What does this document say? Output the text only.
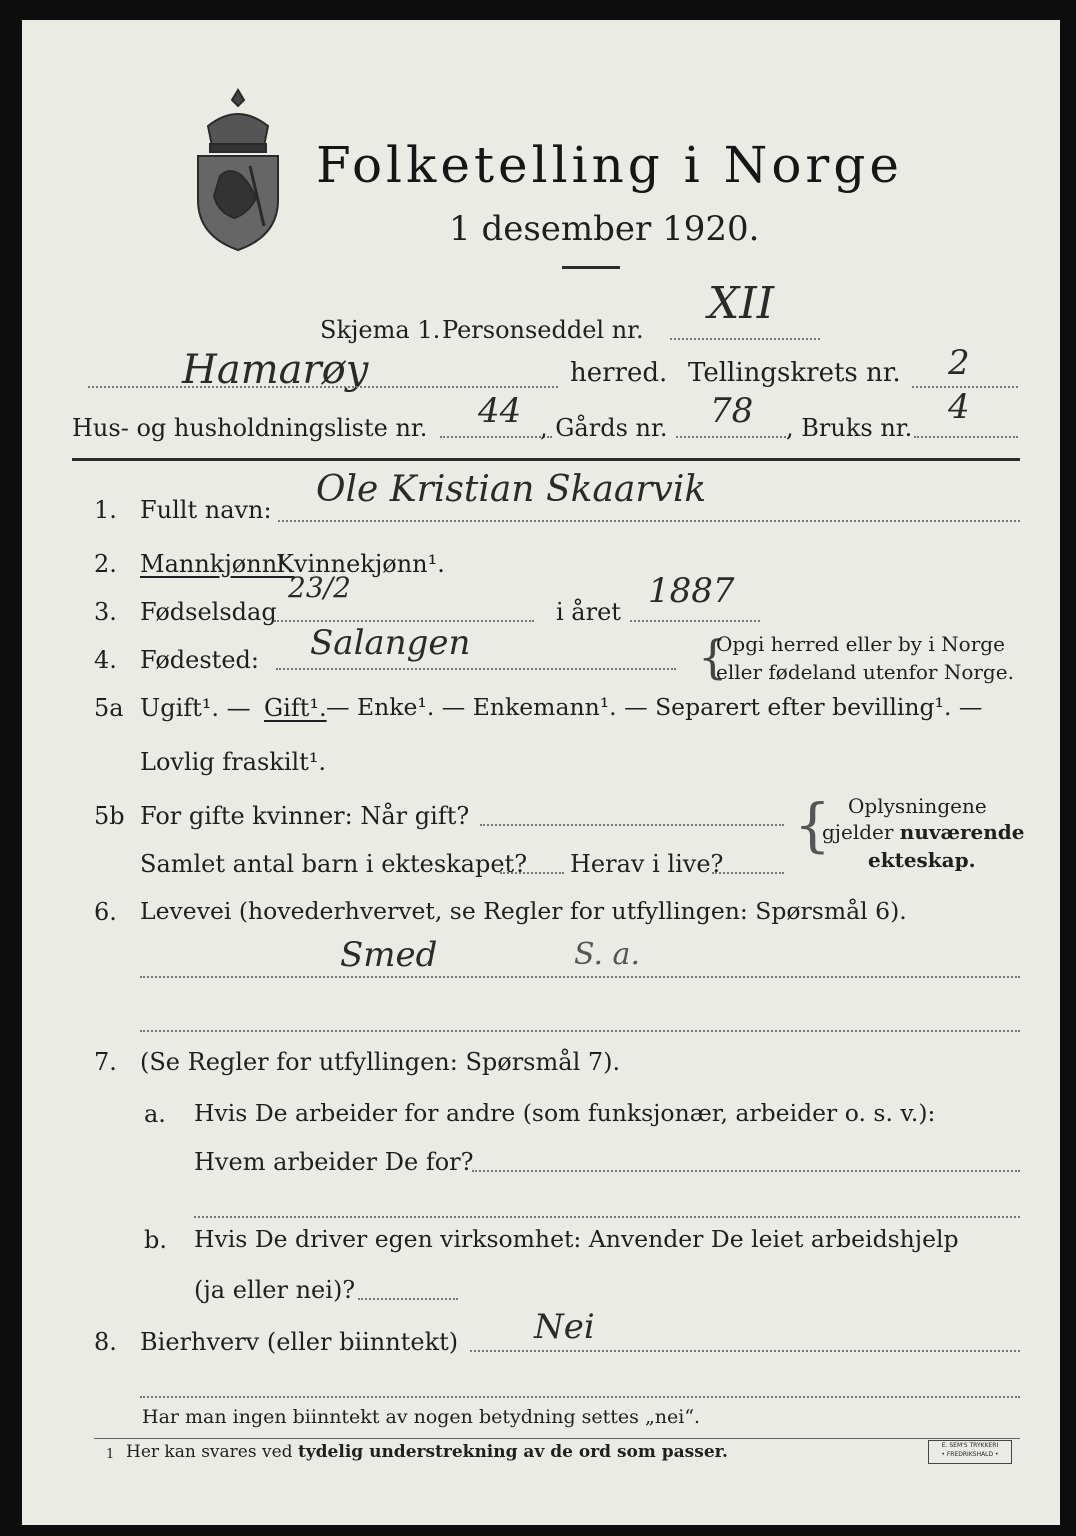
Folketelling i Norge
1 desember 1920.
Skjema 1. Personseddel nr.
XII
Hamarøy	herred. Tellingskrets nr. 2
Hus- og husholdningsliste nr. 44 , Gårds nr. 78 , Bruks nr.
4
1. Fullt navn: Ole Kristian Skaarvik
2. Mannkjønn¹.
Kvinnekjønn¹.
3. Fødselsdag
23/2
i året
1887
4. Fødested: Salangen	{
Opgi herred eller by i Norge
eller fødeland utenfor Norge.
5a Ugift¹. — Gift¹. — Enke¹. — Enkemann¹. — Separert efter bevilling¹. —
Lovlig fraskilt¹.
5b For gifte kvinner: Når gift?
Samlet antal barn i ekteskapet? Herav i live?
{ Oplysningene
gjelder nuværende
ekteskap.
6. Levevei (hovederhvervet, se Regler for utfyllingen: Spørsmål 6).
Smed	S. a.
7. (Se Regler for utfyllingen: Spørsmål 7).
a. Hvis De arbeider for andre (som funksjonær, arbeider o. s. v.):
Hvem arbeider De for?
b. Hvis De driver egen virksomhet: Anvender De leiet arbeidshjelp
(ja eller nei)?
8. Bierhverv (eller biinntekt) Nei
Har man ingen biinntekt av nogen betydning settes „nei“.
1 Her kan svares ved tydelig understrekning av de ord som passer.	E. SEM'S TRYKKERI
• FREDRIKSHALD •
